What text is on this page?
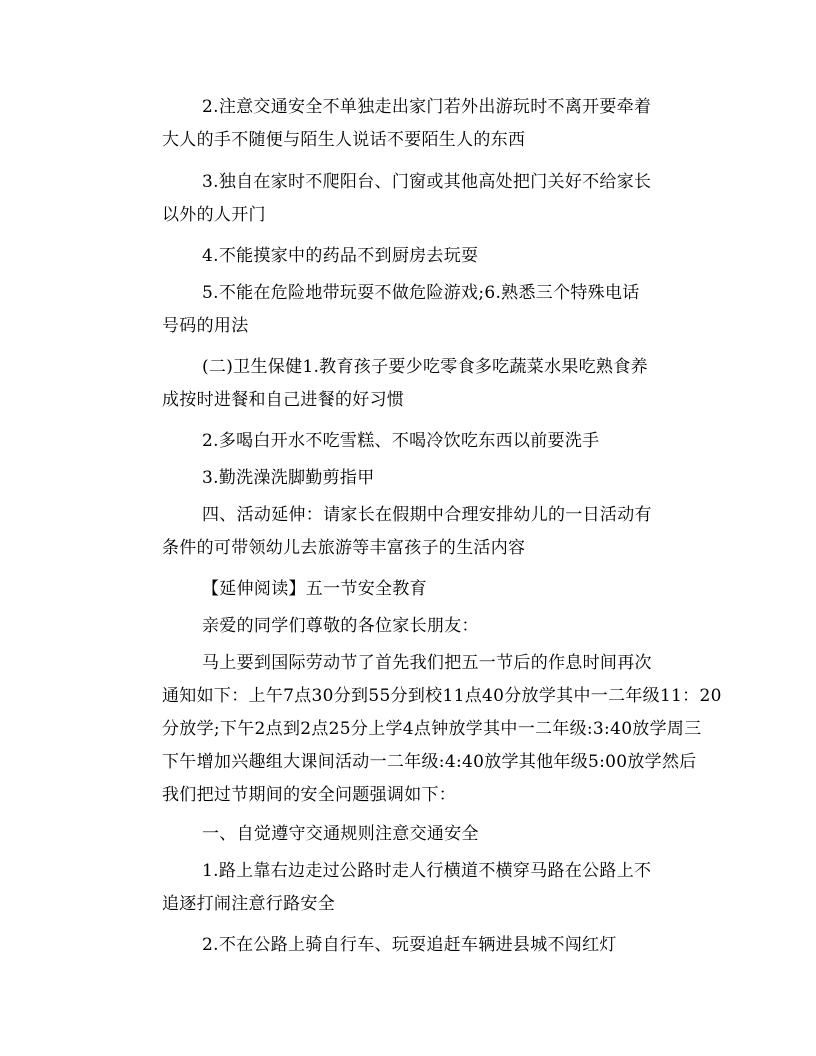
2.注意交通安全不单独走出家门若外出游玩时不离开要牵着
大人的手不随便与陌生人说话不要陌生人的东西

3.独自在家时不爬阳台、门窗或其他高处把门关好不给家长
以外的人开门

4.不能摸家中的药品不到厨房去玩耍

5.不能在危险地带玩耍不做危险游戏;6.熟悉三个特殊电话
号码的用法

(二)卫生保健1.教育孩子要少吃零食多吃蔬菜水果吃熟食养
成按时进餐和自己进餐的好习惯

2.多喝白开水不吃雪糕、不喝冷饮吃东西以前要洗手

3.勤洗澡洗脚勤剪指甲

四、活动延伸：请家长在假期中合理安排幼儿的一日活动有
条件的可带领幼儿去旅游等丰富孩子的生活内容

【延伸阅读】五一节安全教育

亲爱的同学们尊敬的各位家长朋友：

马上要到国际劳动节了首先我们把五一节后的作息时间再次
通知如下：上午7点30分到55分到校11点40分放学其中一二年级11：20
分放学;下午2点到2点25分上学4点钟放学其中一二年级:3:40放学周三
下午增加兴趣组大课间活动一二年级:4:40放学其他年级5:00放学然后
我们把过节期间的安全问题强调如下：

一、自觉遵守交通规则注意交通安全

1.路上靠右边走过公路时走人行横道不横穿马路在公路上不
追逐打闹注意行路安全

2.不在公路上骑自行车、玩耍追赶车辆进县城不闯红灯
